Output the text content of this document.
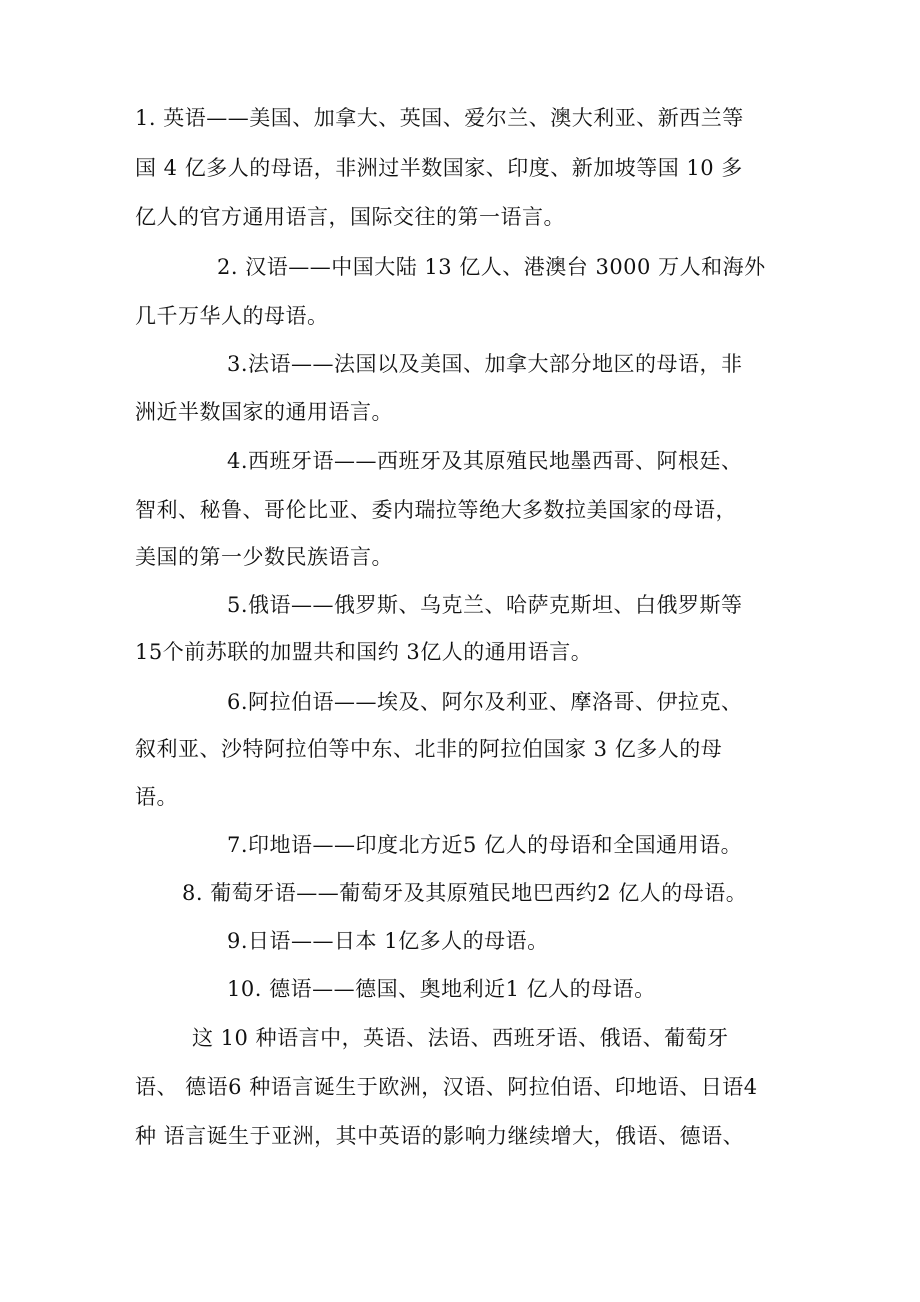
1. 英语——美国、加拿大、英国、爱尔兰、澳大利亚、新西兰等
国 4 亿多人的母语，非洲过半数国家、印度、新加坡等国 10 多
亿人的官方通用语言，国际交往的第一语言。
2. 汉语——中国大陆 13 亿人、港澳台 3000 万人和海外
几千万华人的母语。
3.法语——法国以及美国、加拿大部分地区的母语，非
洲近半数国家的通用语言。
4.西班牙语——西班牙及其原殖民地墨西哥、阿根廷、
智利、秘鲁、哥伦比亚、委内瑞拉等绝大多数拉美国家的母语，
美国的第一少数民族语言。
5.俄语——俄罗斯、乌克兰、哈萨克斯坦、白俄罗斯等
15个前苏联的加盟共和国约 3亿人的通用语言。
6.阿拉伯语——埃及、阿尔及利亚、摩洛哥、伊拉克、
叙利亚、沙特阿拉伯等中东、北非的阿拉伯国家 3 亿多人的母
语。
7.印地语——印度北方近5 亿人的母语和全国通用语。
8. 葡萄牙语——葡萄牙及其原殖民地巴西约2 亿人的母语。
9.日语——日本 1亿多人的母语。
10. 德语——德国、奥地利近1 亿人的母语。
这 10 种语言中，英语、法语、西班牙语、俄语、葡萄牙
语、 德语6 种语言诞生于欧洲，汉语、阿拉伯语、印地语、日语4
种 语言诞生于亚洲，其中英语的影响力继续增大，俄语、德语、
